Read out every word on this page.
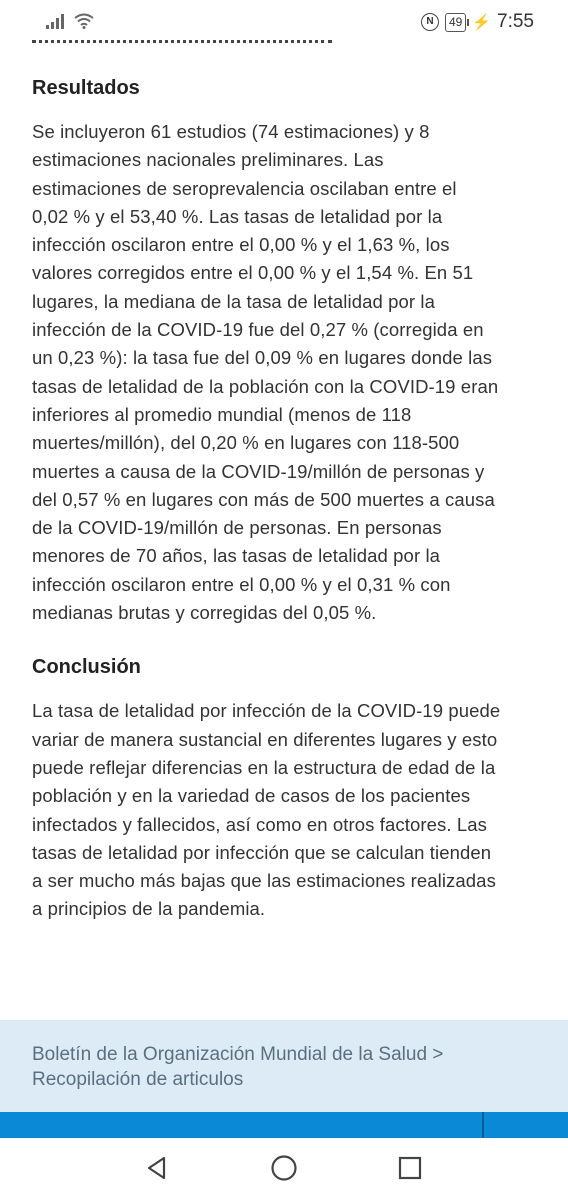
N	49 ⚡ 7:55
Resultados
Se incluyeron 61 estudios (74 estimaciones) y 8
estimaciones nacionales preliminares. Las
estimaciones de seroprevalencia oscilaban entre el
0,02 % y el 53,40 %. Las tasas de letalidad por la
infección oscilaron entre el 0,00 % y el 1,63 %, los
valores corregidos entre el 0,00 % y el 1,54 %. En 51
lugares, la mediana de la tasa de letalidad por la
infección de la COVID-19 fue del 0,27 % (corregida en
un 0,23 %): la tasa fue del 0,09 % en lugares donde las
tasas de letalidad de la población con la COVID-19 eran
inferiores al promedio mundial (menos de 118
muertes/millón), del 0,20 % en lugares con 118-500
muertes a causa de la COVID-19/millón de personas y
del 0,57 % en lugares con más de 500 muertes a causa
de la COVID-19/millón de personas. En personas
menores de 70 años, las tasas de letalidad por la
infección oscilaron entre el 0,00 % y el 0,31 % con
medianas brutas y corregidas del 0,05 %.
Conclusión
La tasa de letalidad por infección de la COVID-19 puede
variar de manera sustancial en diferentes lugares y esto
puede reflejar diferencias en la estructura de edad de la
población y en la variedad de casos de los pacientes
infectados y fallecidos, así como en otros factores. Las
tasas de letalidad por infección que se calculan tienden
a ser mucho más bajas que las estimaciones realizadas
a principios de la pandemia.
Boletín de la Organización Mundial de la Salud >
Recopilación de articulos
